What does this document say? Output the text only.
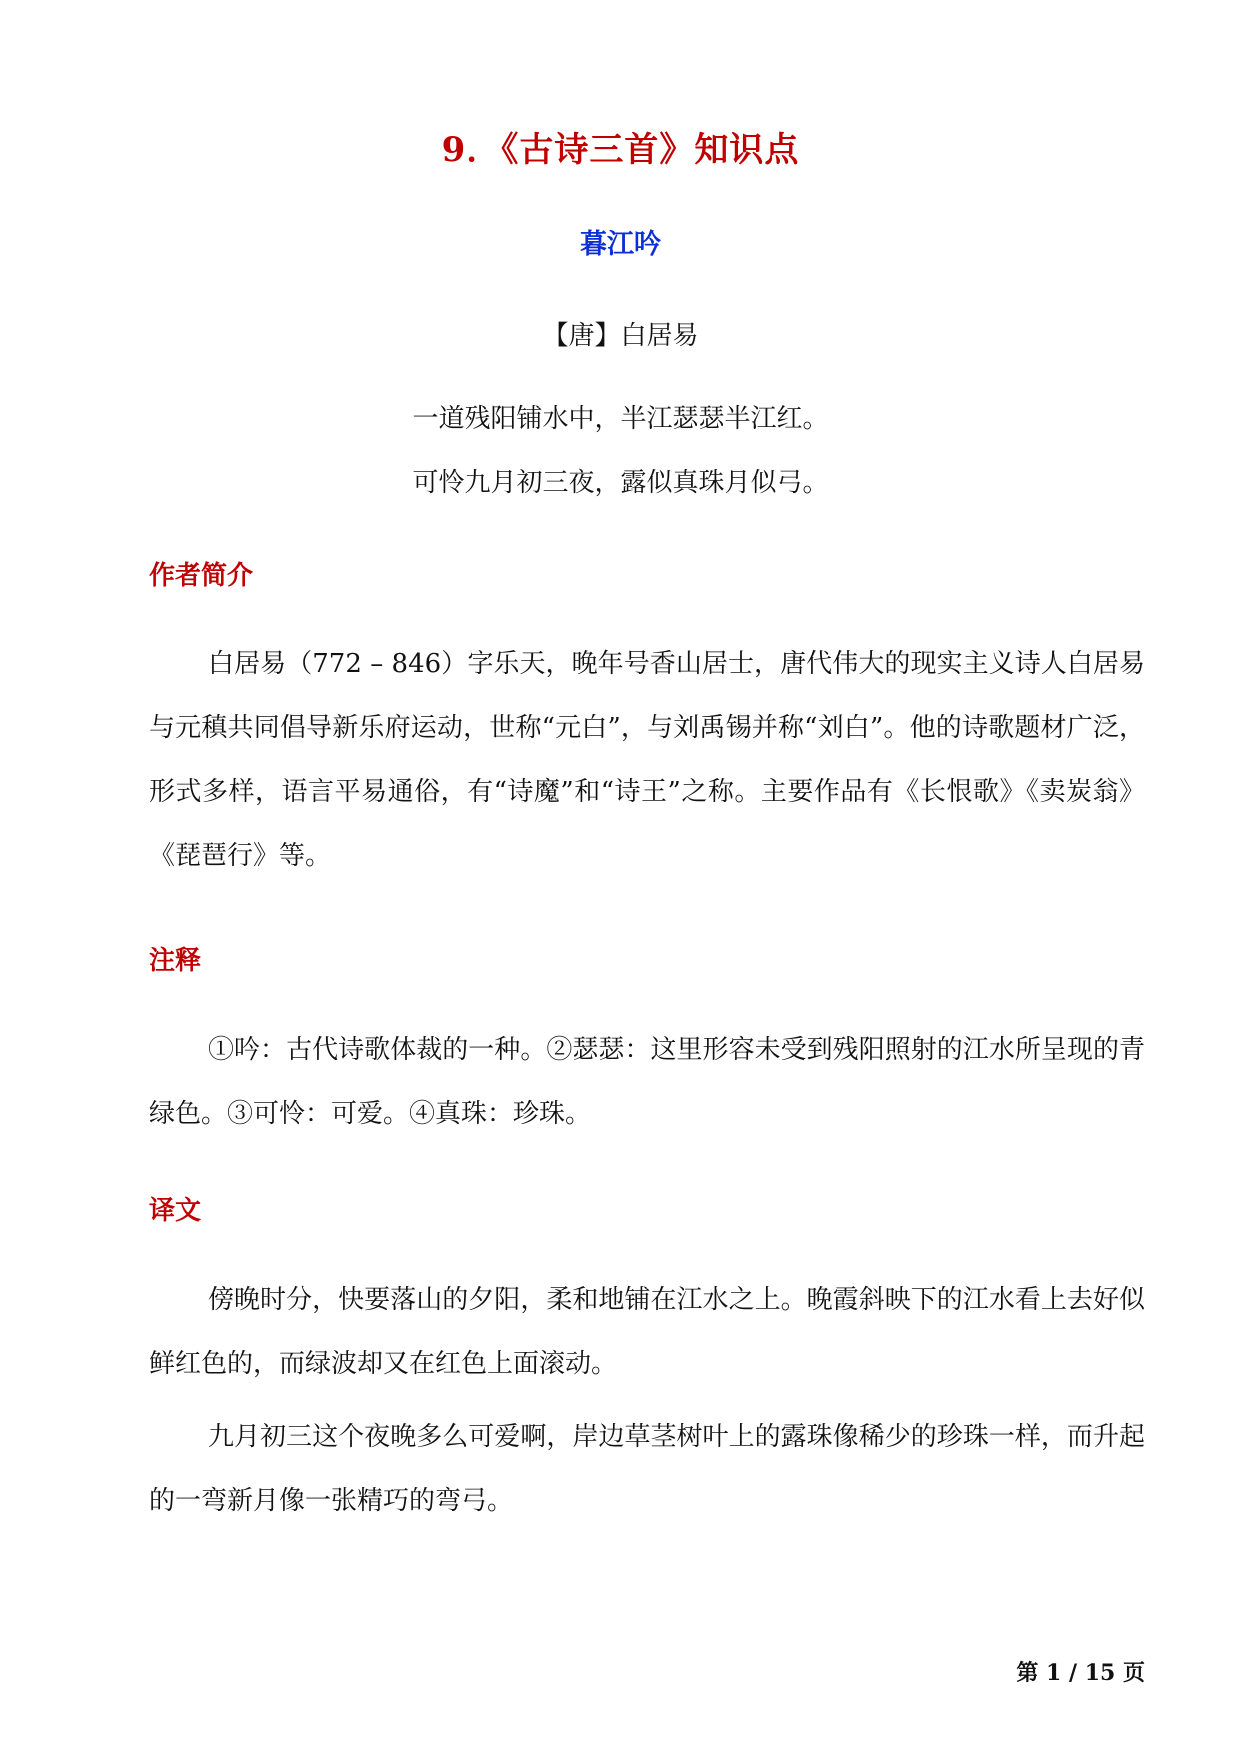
9．《古诗三首》知识点
暮江吟
【唐】白居易
一道残阳铺水中，半江瑟瑟半江红。
可怜九月初三夜，露似真珠月似弓。
作者简介

白居易（772 – 846）字乐天，晚年号香山居士，唐代伟大的现实主义诗人白居易与元稹共同倡导新乐府运动，世称“元白”，与刘禹锡并称“刘白”。他的诗歌题材广泛，形式多样，语言平易通俗，有“诗魔”和“诗王”之称。主要作品有《长恨歌》《卖炭翁》《琵琶行》等。

注释

①吟：古代诗歌体裁的一种。②瑟瑟：这里形容未受到残阳照射的江水所呈现的青绿色。③可怜：可爱。④真珠：珍珠。

译文

傍晚时分，快要落山的夕阳，柔和地铺在江水之上。晚霞斜映下的江水看上去好似鲜红色的，而绿波却又在红色上面滚动。

九月初三这个夜晚多么可爱啊，岸边草茎树叶上的露珠像稀少的珍珠一样，而升起的一弯新月像一张精巧的弯弓。

第 1 / 15 页
